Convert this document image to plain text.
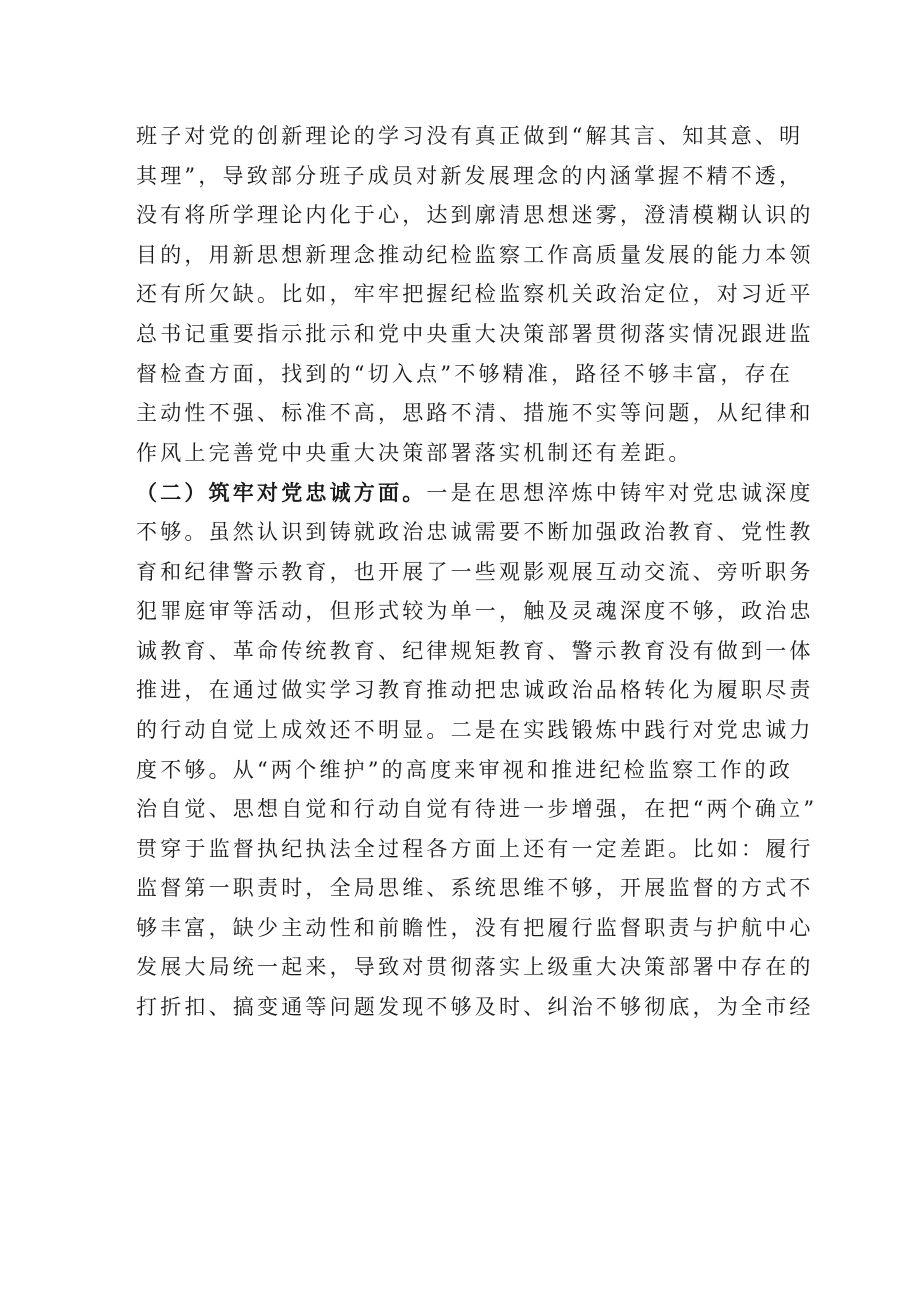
班子对党的创新理论的学习没有真正做到“解其言、知其意、明
其理”，导致部分班子成员对新发展理念的内涵掌握不精不透，
没有将所学理论内化于心，达到廓清思想迷雾，澄清模糊认识的
目的，用新思想新理念推动纪检监察工作高质量发展的能力本领
还有所欠缺。比如，牢牢把握纪检监察机关政治定位，对习近平
总书记重要指示批示和党中央重大决策部署贯彻落实情况跟进监
督检查方面，找到的“切入点”不够精准，路径不够丰富，存在
主动性不强、标准不高，思路不清、措施不实等问题，从纪律和
作风上完善党中央重大决策部署落实机制还有差距。
（二）筑牢对党忠诚方面。一是在思想淬炼中铸牢对党忠诚深度
不够。虽然认识到铸就政治忠诚需要不断加强政治教育、党性教
育和纪律警示教育，也开展了一些观影观展互动交流、旁听职务
犯罪庭审等活动，但形式较为单一，触及灵魂深度不够，政治忠
诚教育、革命传统教育、纪律规矩教育、警示教育没有做到一体
推进，在通过做实学习教育推动把忠诚政治品格转化为履职尽责
的行动自觉上成效还不明显。二是在实践锻炼中践行对党忠诚力
度不够。从“两个维护”的高度来审视和推进纪检监察工作的政
治自觉、思想自觉和行动自觉有待进一步增强，在把“两个确立”
贯穿于监督执纪执法全过程各方面上还有一定差距。比如：履行
监督第一职责时，全局思维、系统思维不够，开展监督的方式不
够丰富，缺少主动性和前瞻性，没有把履行监督职责与护航中心
发展大局统一起来，导致对贯彻落实上级重大决策部署中存在的
打折扣、搞变通等问题发现不够及时、纠治不够彻底，为全市经
